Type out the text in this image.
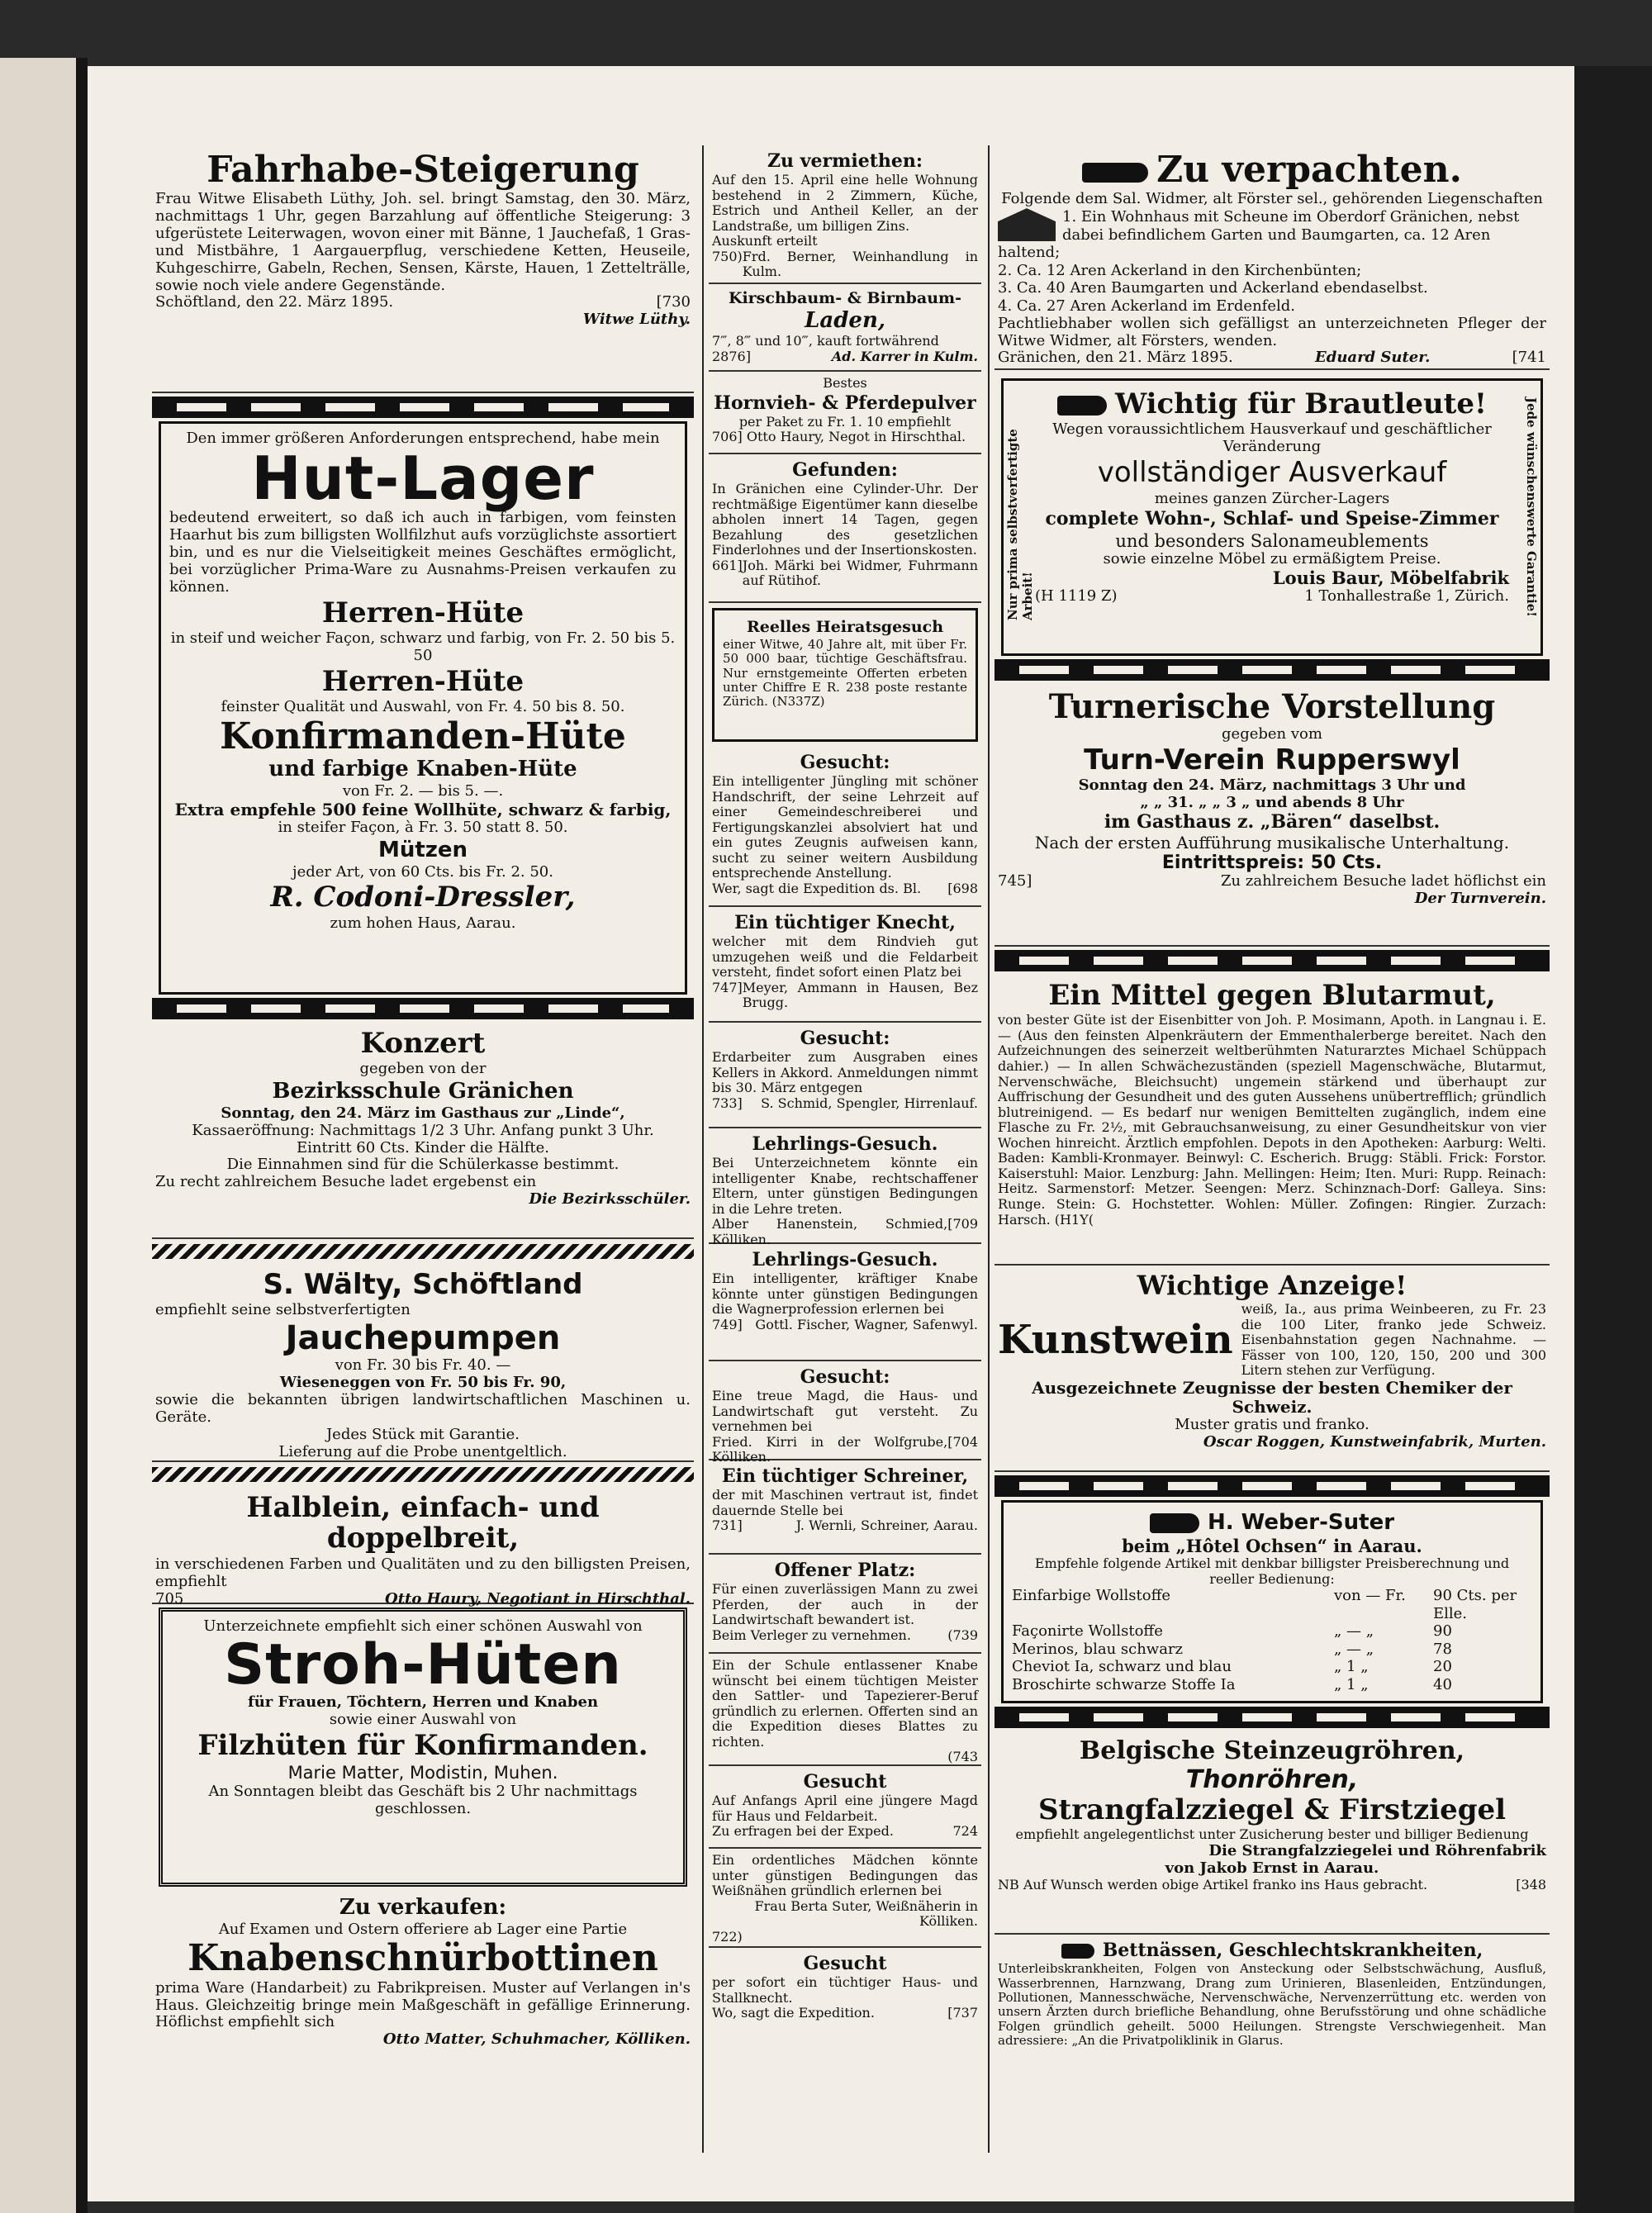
Fahrhabe-Steigerung

Frau Witwe Elisabeth Lüthy, Joh. sel. bringt Samstag, den 30. März, nachmittags 1 Uhr, gegen Barzahlung auf öffentliche Steigerung: 3 ufgerüstete Leiterwagen, wovon einer mit Bänne, 1 Jauchefaß, 1 Gras- und Mistbähre, 1 Aargauerpflug, verschiedene Ketten, Heuseile, Kuhgeschirre, Gabeln, Rechen, Sensen, Kärste, Hauen, 1 Zettelträlle, sowie noch viele andere Gegenstände.

Schöftland, den 22. März 1895.	[730

Witwe Lüthy.

Den immer größeren Anforderungen entsprechend, habe mein

Hut-Lager

bedeutend erweitert, so daß ich auch in farbigen, vom feinsten Haarhut bis zum billigsten Wollfilzhut aufs vorzüglichste assortiert bin, und es nur die Vielseitigkeit meines Geschäftes ermöglicht, bei vorzüglicher Prima-Ware zu Ausnahms-Preisen verkaufen zu können.

Herren-Hüte

in steif und weicher Façon, schwarz und farbig, von Fr. 2. 50 bis 5. 50

Herren-Hüte

feinster Qualität und Auswahl, von Fr. 4. 50 bis 8. 50.

Konfirmanden-Hüte
und farbige Knaben-Hüte

von Fr. 2. — bis 5. —.

Extra empfehle 500 feine Wollhüte, schwarz & farbig,

in steifer Façon, à Fr. 3. 50 statt 8. 50.

Mützen

jeder Art, von 60 Cts. bis Fr. 2. 50.

R. Codoni-Dressler,

zum hohen Haus, Aarau.

Konzert

gegeben von der

Bezirksschule Gränichen

Sonntag, den 24. März im Gasthaus zur „Linde“,

Kassaeröffnung: Nachmittags 1/2 3 Uhr. Anfang punkt 3 Uhr.

Eintritt 60 Cts. Kinder die Hälfte.

Die Einnahmen sind für die Schülerkasse bestimmt.

Zu recht zahlreichem Besuche ladet ergebenst ein

Die Bezirksschüler.

S. Wälty, Schöftland

empfiehlt seine selbstverfertigten

Jauchepumpen

von Fr. 30 bis Fr. 40. —

Wieseneggen von Fr. 50 bis Fr. 90,

sowie die bekannten übrigen landwirtschaftlichen Maschinen u. Geräte.

Jedes Stück mit Garantie.

Lieferung auf die Probe unentgeltlich.

Halblein, einfach- und doppelbreit,

in verschiedenen Farben und Qualitäten und zu den billigsten Preisen, empfiehlt

705	Otto Haury, Negotiant in Hirschthal.

Unterzeichnete empfiehlt sich einer schönen Auswahl von

Stroh-Hüten

für Frauen, Töchtern, Herren und Knaben

sowie einer Auswahl von

Filzhüten für Konfirmanden.

Marie Matter, Modistin, Muhen.

An Sonntagen bleibt das Geschäft bis 2 Uhr nachmittags geschlossen.

Zu verkaufen:

Auf Examen und Ostern offeriere ab Lager eine Partie

Knabenschnürbottinen

prima Ware (Handarbeit) zu Fabrikpreisen. Muster auf Verlangen in's Haus. Gleichzeitig bringe mein Maßgeschäft in gefällige Erinnerung. Höflichst empfiehlt sich

Otto Matter, Schuhmacher, Kölliken.

Zu vermiethen:

Auf den 15. April eine helle Wohnung bestehend in 2 Zimmern, Küche, Estrich und Antheil Keller, an der Landstraße, um billigen Zins.

Auskunft erteilt

750) Frd. Berner, Weinhandlung in Kulm.
Kirschbaum- & Birnbaum-
Laden,

7‴, 8‴ und 10‴, kauft fortwährend

2876]	Ad. Karrer in Kulm.

Bestes

Hornvieh- & Pferdepulver

per Paket zu Fr. 1. 10 empfiehlt

706] Otto Haury, Negot in Hirschthal.

Gefunden:

In Gränichen eine Cylinder-Uhr. Der rechtmäßige Eigentümer kann dieselbe abholen innert 14 Tagen, gegen Bezahlung des gesetzlichen Finderlohnes und der Insertionskosten.

661] Joh. Märki bei Widmer, Fuhrmann auf Rütihof.
Reelles Heiratsgesuch

einer Witwe, 40 Jahre alt, mit über Fr. 50 000 baar, tüchtige Geschäftsfrau. Nur ernstgemeinte Offerten erbeten unter Chiffre E R. 238 poste restante Zürich. (N337Z)

Gesucht:

Ein intelligenter Jüngling mit schöner Handschrift, der seine Lehrzeit auf einer Gemeindeschreiberei und Fertigungskanzlei absolviert hat und ein gutes Zeugnis aufweisen kann, sucht zu seiner weitern Ausbildung entsprechende Anstellung.

Wer, sagt die Expedition ds. Bl. [698
Ein tüchtiger Knecht,

welcher mit dem Rindvieh gut umzugehen weiß und die Feldarbeit versteht, findet sofort einen Platz bei

747] Meyer, Ammann in Hausen, Bez Brugg.
Gesucht:

Erdarbeiter zum Ausgraben eines Kellers in Akkord. Anmeldungen nimmt bis 30. März entgegen

733] S. Schmid, Spengler, Hirrenlauf.
Lehrlings-Gesuch.

Bei Unterzeichnetem könnte ein intelligenter Knabe, rechtschaffener Eltern, unter günstigen Bedingungen in die Lehre treten.

Alber Hanenstein, Schmied, Kölliken.
[709
Lehrlings-Gesuch.

Ein intelligenter, kräftiger Knabe könnte unter günstigen Bedingungen die Wagnerprofession erlernen bei

749] Gottl. Fischer, Wagner, Safenwyl.
Gesucht:

Eine treue Magd, die Haus- und Landwirtschaft gut versteht. Zu vernehmen bei

Fried. Kirri in der Wolfgrube, Kölliken.
[704
Ein tüchtiger Schreiner,

der mit Maschinen vertraut ist, findet dauernde Stelle bei

731]	J. Wernli, Schreiner, Aarau.
Offener Platz:

Für einen zuverlässigen Mann zu zwei Pferden, der auch in der Landwirtschaft bewandert ist.

Beim Verleger zu vernehmen.	(739

Ein der Schule entlassener Knabe wünscht bei einem tüchtigen Meister den Sattler- und Tapezierer-Beruf gründlich zu erlernen. Offerten sind an die Expedition dieses Blattes zu richten.

(743

Gesucht

Auf Anfangs April eine jüngere Magd für Haus und Feldarbeit.

Zu erfragen bei der Exped.	724

Ein ordentliches Mädchen könnte unter günstigen Bedingungen das Weißnähen gründlich erlernen bei

Frau Berta Suter, Weißnäherin in Kölliken.

722)

Gesucht

per sofort ein tüchtiger Haus- und Stallknecht.

Wo, sagt die Expedition.	[737
Zu verpachten.

Folgende dem Sal. Widmer, alt Förster sel., gehörenden Liegenschaften

1. Ein Wohnhaus mit Scheune im Oberdorf Gränichen, nebst dabei befindlichem Garten und Baumgarten, ca. 12 Aren haltend;
2. Ca. 12 Aren Ackerland in den Kirchenbünten;
3. Ca. 40 Aren Baumgarten und Ackerland ebendaselbst.
4. Ca. 27 Aren Ackerland im Erdenfeld.

Pachtliebhaber wollen sich gefälligst an unterzeichneten Pfleger der Witwe Widmer, alt Försters, wenden.

Gränichen, den 21. März 1895.	Eduard Suter.	[741
Nur prima selbstverfertigte Arbeit!	Jede wünschenswerte Garantie!
Wichtig für Brautleute!

Wegen voraussichtlichem Hausverkauf und geschäftlicher Veränderung

vollständiger Ausverkauf

meines ganzen Zürcher-Lagers

complete Wohn-, Schlaf- und Speise-Zimmer

und besonders Salonameublements

sowie einzelne Möbel zu ermäßigtem Preise.

Louis Baur, Möbelfabrik

(H 1119 Z)	1 Tonhallestraße 1, Zürich.
Turnerische Vorstellung

gegeben vom

Turn-Verein Rupperswyl

Sonntag den 24. März, nachmittags 3 Uhr und

„ „ 31. „ „ 3 „ und abends 8 Uhr

im Gasthaus z. „Bären“ daselbst.

Nach der ersten Aufführung musikalische Unterhaltung.

Eintrittspreis: 50 Cts.

745]	Zu zahlreichem Besuche ladet höflichst ein

Der Turnverein.

Ein Mittel gegen Blutarmut,

von bester Güte ist der Eisenbitter von Joh. P. Mosimann, Apoth. in Langnau i. E. — (Aus den feinsten Alpenkräutern der Emmenthalerberge bereitet. Nach den Aufzeichnungen des seinerzeit weltberühmten Naturarztes Michael Schüppach dahier.) — In allen Schwächezuständen (speziell Magenschwäche, Blutarmut, Nervenschwäche, Bleichsucht) ungemein stärkend und überhaupt zur Auffrischung der Gesundheit und des guten Aussehens unübertrefflich; gründlich blutreinigend. — Es bedarf nur wenigen Bemittelten zugänglich, indem eine Flasche zu Fr. 2½, mit Gebrauchsanweisung, zu einer Gesundheitskur von vier Wochen hinreicht. Ärztlich empfohlen. Depots in den Apotheken: Aarburg: Welti. Baden: Kambli-Kronmayer. Beinwyl: C. Escherich. Brugg: Stäbli. Frick: Forstor. Kaiserstuhl: Maior. Lenzburg: Jahn. Mellingen: Heim; Iten. Muri: Rupp. Reinach: Heitz. Sarmenstorf: Metzer. Seengen: Merz. Schinznach-Dorf: Galleya. Sins: Runge. Stein: G. Hochstetter. Wohlen: Müller. Zofingen: Ringier. Zurzach: Harsch. (H1Y(

Wichtige Anzeige!
Kunstwein

weiß, Ia., aus prima Weinbeeren, zu Fr. 23 die 100 Liter, franko jede Schweiz. Eisenbahnstation gegen Nachnahme. — Fässer von 100, 120, 150, 200 und 300 Litern stehen zur Verfügung.

Ausgezeichnete Zeugnisse der besten Chemiker der Schweiz.

Muster gratis und franko.

Oscar Roggen, Kunstweinfabrik, Murten.

H. Weber-Suter

beim „Hôtel Ochsen“ in Aarau.

Empfehle folgende Artikel mit denkbar billigster Preisberechnung und reeller Bedienung:

Einfarbige Wollstoffe	von — Fr.	90 Cts. per Elle.
Façonirte Wollstoffe	„ — „	90
Merinos, blau schwarz	„ — „	78
Cheviot Ia, schwarz und blau	„ 1 „	20
Broschirte schwarze Stoffe Ia	„ 1 „	40
Belgische Steinzeugröhren,
Thonröhren,
Strangfalzziegel & Firstziegel

empfiehlt angelegentlichst unter Zusicherung bester und billiger Bedienung

Die Strangfalzziegelei und Röhrenfabrik

von Jakob Ernst in Aarau.

NB Auf Wunsch werden obige Artikel franko ins Haus gebracht.	[348
Bettnässen, Geschlechtskrankheiten,

Unterleibskrankheiten, Folgen von Ansteckung oder Selbstschwächung, Ausfluß, Wasserbrennen, Harnzwang, Drang zum Urinieren, Blasenleiden, Entzündungen, Pollutionen, Mannesschwäche, Nervenschwäche, Nervenzerrüttung etc. werden von unsern Ärzten durch briefliche Behandlung, ohne Berufsstörung und ohne schädliche Folgen gründlich geheilt. 5000 Heilungen. Strengste Verschwiegenheit. Man adressiere: „An die Privatpoliklinik in Glarus.
